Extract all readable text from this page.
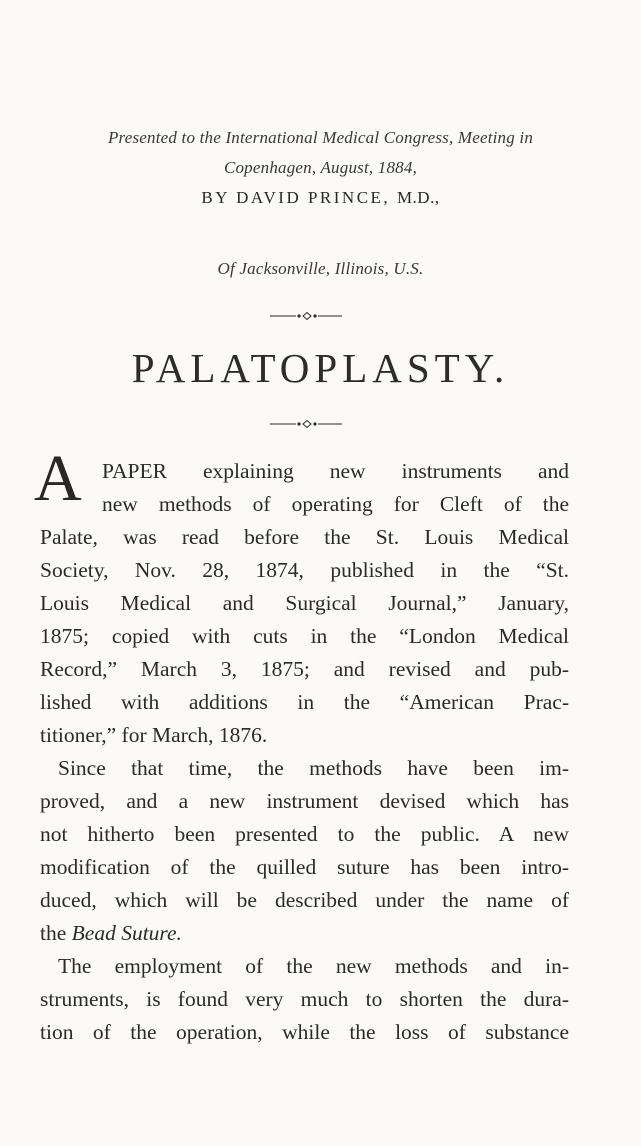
Presented to the International Medical Congress, Meeting in
Copenhagen, August, 1884,
BY DAVID PRINCE, M.D.,
Of Jacksonville, Illinois, U.S.
PALATOPLASTY.
A PAPER explaining new instruments and
new methods of operating for Cleft of the
Palate, was read before the St. Louis Medical
Society, Nov. 28, 1874, published in the “St.
Louis Medical and Surgical Journal,” January,
1875; copied with cuts in the “London Medical
Record,” March 3, 1875; and revised and pub-
lished with additions in the “American Prac-
titioner,” for March, 1876.
Since that time, the methods have been im-
proved, and a new instrument devised which has
not hitherto been presented to the public. A new
modification of the quilled suture has been intro-
duced, which will be described under the name of
the Bead Suture.
The employment of the new methods and in-
struments, is found very much to shorten the dura-
tion of the operation, while the loss of substance
